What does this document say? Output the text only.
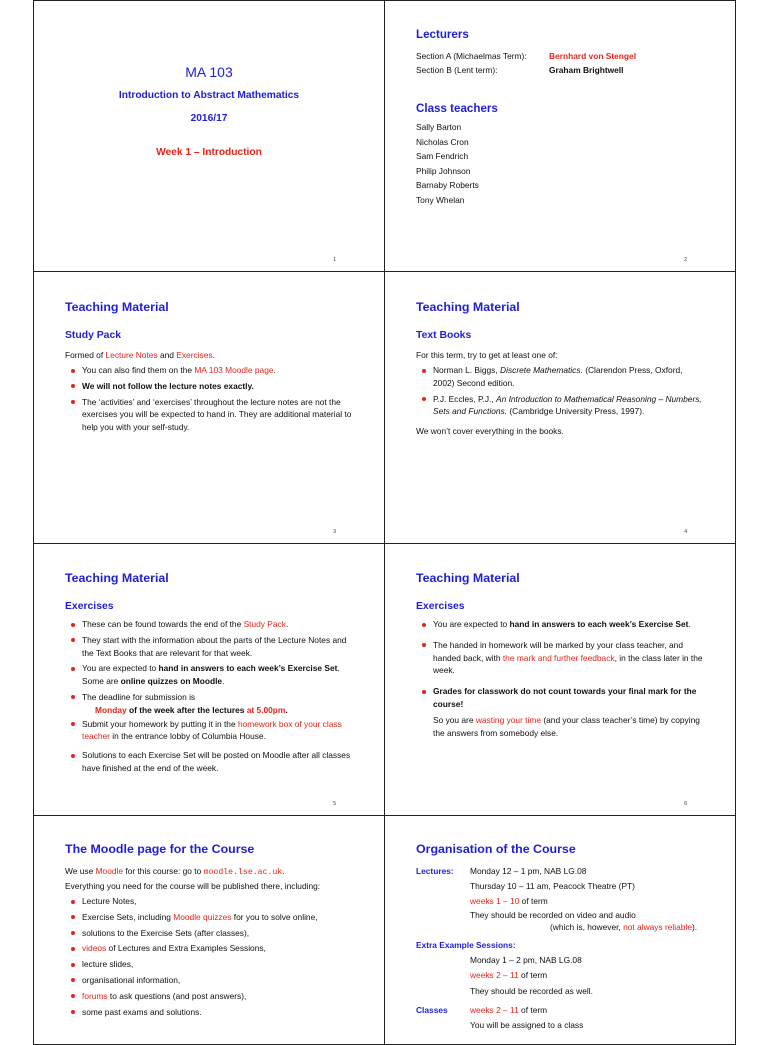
MA 103
Introduction to Abstract Mathematics
2016/17
Week 1 – Introduction
1
Lecturers
Section A (Michaelmas Term):	Bernhard von Stengel
Section B (Lent term):	Graham Brightwell
Class teachers
Sally Barton
Nicholas Cron
Sam Fendrich
Philip Johnson
Barnaby Roberts
Tony Whelan
2
Teaching Material
Study Pack
Formed of Lecture Notes and Exercises.
You can also find them on the MA 103 Moodle page.
We will not follow the lecture notes exactly.
The ‘activities’ and ‘exercises’ throughout the lecture notes are not the exercises you will be expected to hand in. They are additional material to help you with your self-study.
3
Teaching Material
Text Books
For this term, try to get at least one of:
Norman L. Biggs, Discrete Mathematics. (Clarendon Press, Oxford, 2002) Second edition.
P.J. Eccles, P.J., An Introduction to Mathematical Reasoning – Numbers, Sets and Functions. (Cambridge University Press, 1997).
We won’t cover everything in the books.
4
Teaching Material
Exercises
These can be found towards the end of the Study Pack.
They start with the information about the parts of the Lecture Notes and the Text Books that are relevant for that week.
You are expected to hand in answers to each week’s Exercise Set. Some are online quizzes on Moodle.
The deadline for submission is
Monday of the week after the lectures at 5.00pm.
Submit your homework by putting it in the homework box of your class teacher in the entrance lobby of Columbia House.
Solutions to each Exercise Set will be posted on Moodle after all classes have finished at the end of the week.
5
Teaching Material
Exercises
You are expected to hand in answers to each week’s Exercise Set.
The handed in homework will be marked by your class teacher, and handed back, with the mark and further feedback, in the class later in the week.
Grades for classwork do not count towards your final mark for the course!
So you are wasting your time (and your class teacher’s time) by copying the answers from somebody else.
6
The Moodle page for the Course
We use Moodle for this course: go to moodle.lse.ac.uk.
Everything you need for the course will be published there, including:
Lecture Notes,
Exercise Sets, including Moodle quizzes for you to solve online,
solutions to the Exercise Sets (after classes),
videos of Lectures and Extra Examples Sessions,
lecture slides,
organisational information,
forums to ask questions (and post answers),
some past exams and solutions.
Organisation of the Course
Lectures: Monday 12 – 1 pm, NAB LG.08
Thursday 10 – 11 am, Peacock Theatre (PT)
weeks 1 – 10 of term
They should be recorded on video and audio
(which is, however, not always reliable).
Extra Example Sessions:
Monday 1 – 2 pm, NAB LG.08
weeks 2 – 11 of term
They should be recorded as well.
Classes	weeks 2 – 11 of term
You will be assigned to a class
